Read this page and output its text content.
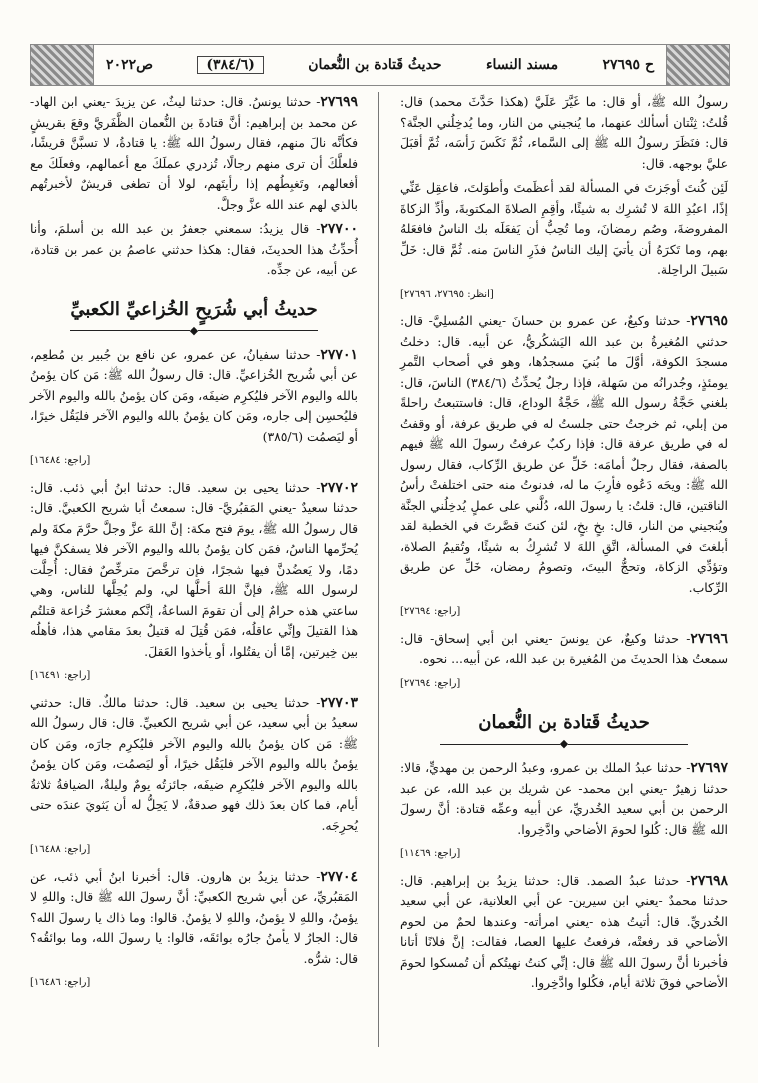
ح ٢٧٦٩٥
مسند النساء
حديثُ قَتادة بن النُّعمان
(٣٨٤/٦)
ص٢٠٢٢

رسولُ الله ﷺ، أو قال: ما غَيَّرَ عَلَيَّ (هكذا حَدَّثَ محمد) قال: قُلتُ: ثِنْتان أسألك عنهما، ما يُنجيني من النار، وما يُدخِلُني الجنَّة؟ قال: فنَظَرَ رسولُ الله ﷺ إلى السَّماء، ثُمَّ نَكَسَ رَأسَه، ثُمَّ أقبَلَ عليَّ بوجهه. قال:

لَئِن كُنتَ أوجَزتَ في المسألة لقد أعظَمتَ وأطوَلتَ، فاعقِل عَنِّي إذًا، اعبُدِ اللهَ لا تُشرِك به شيئًا، وأقِمِ الصلاةَ المكتوبةَ، وأدِّ الزكاةَ المفروضةَ، وصُم رمضانَ، وما تُحِبُّ أن يَفعَلَه بك الناسُ فافعَلهُ بهم، وما تَكرَهُ أن يأتيَ إليك الناسُ فذَرِ الناسَ منه. ثُمَّ قال: خَلِّ سَبيلَ الراحِلة.

[انظر: ٢٧٦٩٥، ٢٧٦٩٦]

٢٧٦٩٥- حدثنا وكيعٌ، عن عمرو بن حسانَ -يعني المُسلِيَّ- قال: حدثني المُغيرةُ بن عبد الله اليَشكُريُّ، عن أبيه. قال: دخلتُ مسجدَ الكوفة، أوَّلَ ما بُنيَ مسجدُها، وهو في أصحاب التَّمرِ يومئذٍ، وجُدرانُه من سَهلة، فإذا رجلٌ يُحدِّثُ (٣٨٤/٦) الناسَ، قال: بلغني حَجَّةُ رسول الله ﷺ، حَجَّةُ الوداع، قال: فاستتبعتُ راحلةً من إبلي، ثم خرجتُ حتى جلستُ له في طريق عرفة، أو وقفتُ له في طريق عرفة قال: فإذا ركبٌ عرفتُ رسولَ الله ﷺ فيهم بالصفة، فقال رجلٌ أمامَه: خَلِّ عن طريق الرِّكاب، فقال رسول الله ﷺ: ويحَه دَعُوه فأرِبَ ما له، فدنوتُ منه حتى اختلفتْ رأسُ الناقتين، قال: قلتُ: يا رسولَ الله، دُلَّني على عملٍ يُدخِلُني الجنَّة ويُنجيني من النار، قال: بخٍ بخٍ، لئن كنتَ قصَّرتَ في الخطبة لقد أبلغتَ في المسألة، اتَّقِ اللهَ لا تُشرِكُ به شيئًا، وتُقيمُ الصلاة، وتؤدِّي الزكاة، وتحجُّ البيتَ، وتصومُ رمضان، خَلِّ عن طريق الرِّكاب.

[راجع: ٢٧٦٩٤]

٢٧٦٩٦- حدثنا وكيعٌ، عن يونسَ -يعني ابن أبي إسحاق- قال: سمعتُ هذا الحديثَ من المُغيرة بن عبد الله، عن أبيه... نحوه.

[راجع: ٢٧٦٩٤]
حديثُ قَتادة بن النُّعمان
◆

٢٧٦٩٧- حدثنا عبدُ الملك بن عمرو، وعبدُ الرحمن بن مهديٍّ، قالا: حدثنا زهيرٌ -يعني ابن محمد- عن شريك بن عبد الله، عن عبد الرحمن بن أبي سعيد الخُدريِّ، عن أبيه وعمِّه قتادة: أنَّ رسولَ الله ﷺ قال: كُلوا لحومَ الأضاحي وادَّخِروا.

[راجع: ١١٤٦٩]

٢٧٦٩٨- حدثنا عبدُ الصمد. قال: حدثنا يزيدُ بن إبراهيم. قال: حدثنا محمدٌ -يعني ابن سيرين- عن أبي العلانية، عن أبي سعيد الخُدريِّ. قال: أتيتُ هذه -يعني امرأته- وعندها لحمٌ من لحوم الأضاحي قد رفعتْه، فرفعتُ عليها العصا، فقالت: إنَّ فلانًا أتانا فأخبرنا أنَّ رسولَ الله ﷺ قال: إنِّي كنتُ نهيتُكم أن تُمسكوا لحومَ الأضاحي فوقَ ثلاثة أيام، فكُلوا وادَّخِروا.

٢٧٦٩٩- حدثنا يونسُ. قال: حدثنا ليثٌ، عن يزيدَ -يعني ابن الهاد- عن محمد بن إبراهيم: أنَّ قتادةَ بن النُّعمان الظَّفَريَّ وقعَ بقريشٍ فكأنَّه نالَ منهم، فقال رسولُ الله ﷺ: يا قتادةُ، لا تسبَّنَّ قريشًا، فلعلَّكَ أن ترى منهم رجالًا، تُزدري عملَكَ مع أعمالهم، وفعلَكَ مع أفعالهم، وتَغبِطُهم إذا رأيتَهم، لولا أن تطغى قريشٌ لأخبرتُهم بالذي لهم عند الله عزَّ وجلَّ.

٢٧٧٠٠- قال يزيدُ: سمعني جعفرُ بن عبد الله بن أسلمَ، وأنا أُحدِّثُ هذا الحديثَ، فقال: هكذا حدثني عاصمُ بن عمر بن قتادة، عن أبيه، عن جدِّه.

حديثُ أبي شُرَيحٍ الخُزاعيِّ الكعبيِّ
◆

٢٧٧٠١- حدثنا سفيانُ، عن عمرو، عن نافع بن جُبير بن مُطعِم، عن أبي شُريح الخُزاعيِّ. قال: قال رسولُ الله ﷺ: مَن كان يؤمنُ بالله واليوم الآخر فليُكرِم ضيفَه، ومَن كان يؤمنُ بالله واليوم الآخر فليُحسِن إلى جاره، ومَن كان يؤمنُ بالله واليوم الآخر فليَقُل خيرًا، أو ليَصمُت (٣٨٥/٦)

[راجع: ١٦٤٨٤]

٢٧٧٠٢- حدثنا يحيى بن سعيد. قال: حدثنا ابنُ أبي ذئب. قال: حدثنا سعيدٌ -يعني المَقبُريَّ- قال: سمعتُ أبا شريح الكعبيَّ. قال: قال رسولُ الله ﷺ، يومَ فتح مكة: إنَّ اللهَ عزَّ وجلَّ حرَّمَ مكةَ ولم يُحرِّمها الناسُ، فمَن كان يؤمنُ بالله واليوم الآخر فلا يسفكنَّ فيها دمًا، ولا يَعضُدنَّ فيها شجرًا، فإن ترخَّصَ مترخِّصٌ فقال: أُحِلَّت لرسول الله ﷺ، فإنَّ اللهَ أحلَّها لي، ولم يُحِلَّها للناس، وهي ساعتي هذه حرامٌ إلى أن تقومَ الساعةُ، إنَّكم معشرَ خُزاعة قتلتُم هذا القتيلَ وإنِّي عاقلُه، فمَن قُتِلَ له قتيلٌ بعدَ مقامي هذا، فأهلُه بين خِيرتين، إمَّا أن يقتُلوا، أو يأخذوا العَقلَ.

[راجع: ١٦٤٩١]

٢٧٧٠٣- حدثنا يحيى بن سعيد. قال: حدثنا مالكٌ. قال: حدثني سعيدُ بن أبي سعيد، عن أبي شريح الكعبيِّ. قال: قال رسولُ الله ﷺ: مَن كان يؤمنُ بالله واليوم الآخر فليُكرِم جارَه، ومَن كان يؤمنُ بالله واليوم الآخر فليَقُل خيرًا، أو ليَصمُت، ومَن كان يؤمنُ بالله واليوم الآخر فليُكرِم ضيفَه، جائزتُه يومٌ وليلةٌ، الضيافةُ ثلاثةُ أيام، فما كان بعدَ ذلك فهو صدقةٌ، لا يَحِلُّ له أن يَثويَ عندَه حتى يُحرِجَه.

[راجع: ١٦٤٨٨]

٢٧٧٠٤- حدثنا يزيدُ بن هارون. قال: أخبرنا ابنُ أبي ذئب، عن المَقبُريِّ، عن أبي شريح الكعبيِّ: أنَّ رسولَ الله ﷺ قال: واللهِ لا يؤمنُ، واللهِ لا يؤمنُ، واللهِ لا يؤمنُ. قالوا: وما ذاك يا رسولَ الله؟ قال: الجارُ لا يأمنُ جارُه بوائقَه، قالوا: يا رسولَ الله، وما بوائقُه؟ قال: شرُّه.

[راجع: ١٦٤٨٦]
